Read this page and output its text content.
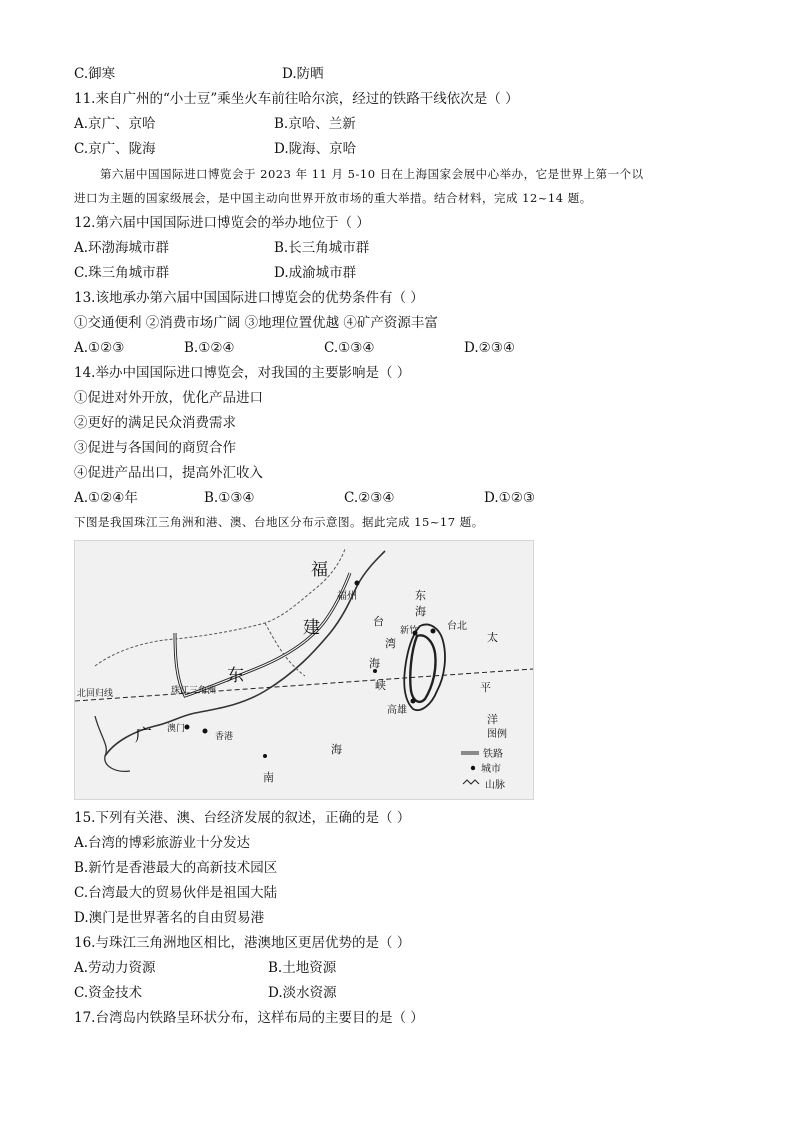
C.御寒	D.防晒
11.来自广州的“小士豆”乘坐火车前往哈尔滨，经过的铁路干线依次是（ ）
A.京广、京哈	B.京哈、兰新
C.京广、陇海	D.陇海、京哈
第六届中国国际进口博览会于 2023 年 11 月 5-10 日在上海国家会展中心举办，它是世界上第一个以
进口为主题的国家级展会，是中国主动向世界开放市场的重大举措。结合材料，完成 12~14 题。
12.第六届中国国际进口博览会的举办地位于（ ）
A.环渤海城市群	B.长三角城市群
C.珠三角城市群	D.成渝城市群
13.该地承办第六届中国国际进口博览会的优势条件有（ ）
①交通便利 ②消费市场广阔 ③地理位置优越 ④矿产资源丰富
A.①②③	B.①②④	C.①③④	D.②③④
14.举办中国国际进口博览会，对我国的主要影响是（ ）
①促进对外开放，优化产品进口
②更好的满足民众消费需求
③促进与各国间的商贸合作
④促进产品出口，提高外汇收入
A.①②④年	B.①③④	C.②③④	D.①②③
下图是我国珠江三角洲和港、澳、台地区分布示意图。据此完成 15~17 题。
福
建
东
广
福州	东
海
台
湾
海
峡
新竹	台北
高雄
太
平
洋
南
海
珠江三角洲
北回归线
澳门
香港	图例
铁路
城市
山脉
15.下列有关港、澳、台经济发展的叙述，正确的是（ ）
A.台湾的博彩旅游业十分发达
B.新竹是香港最大的高新技术园区
C.台湾最大的贸易伙伴是祖国大陆
D.澳门是世界著名的自由贸易港
16.与珠江三角洲地区相比，港澳地区更居优势的是（ ）
A.劳动力资源	B.土地资源
C.资金技术	D.淡水资源
17.台湾岛内铁路呈环状分布，这样布局的主要目的是（ ）
